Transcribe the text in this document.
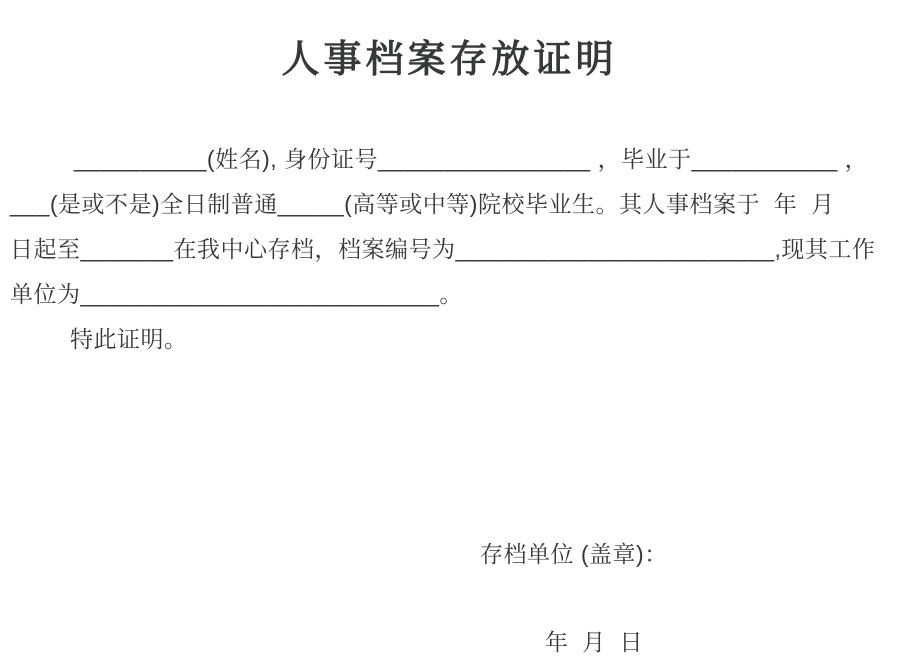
人事档案存放证明
__________(姓名), 身份证号________________ ，毕业于___________ ，
___(是或不是)全日制普通_____(高等或中等)院校毕业生。其人事档案于  年  月
日起至_______在我中心存档，档案编号为________________________,现其工作
单位为___________________________。
特此证明。
存档单位 (盖章)：
年  月  日
